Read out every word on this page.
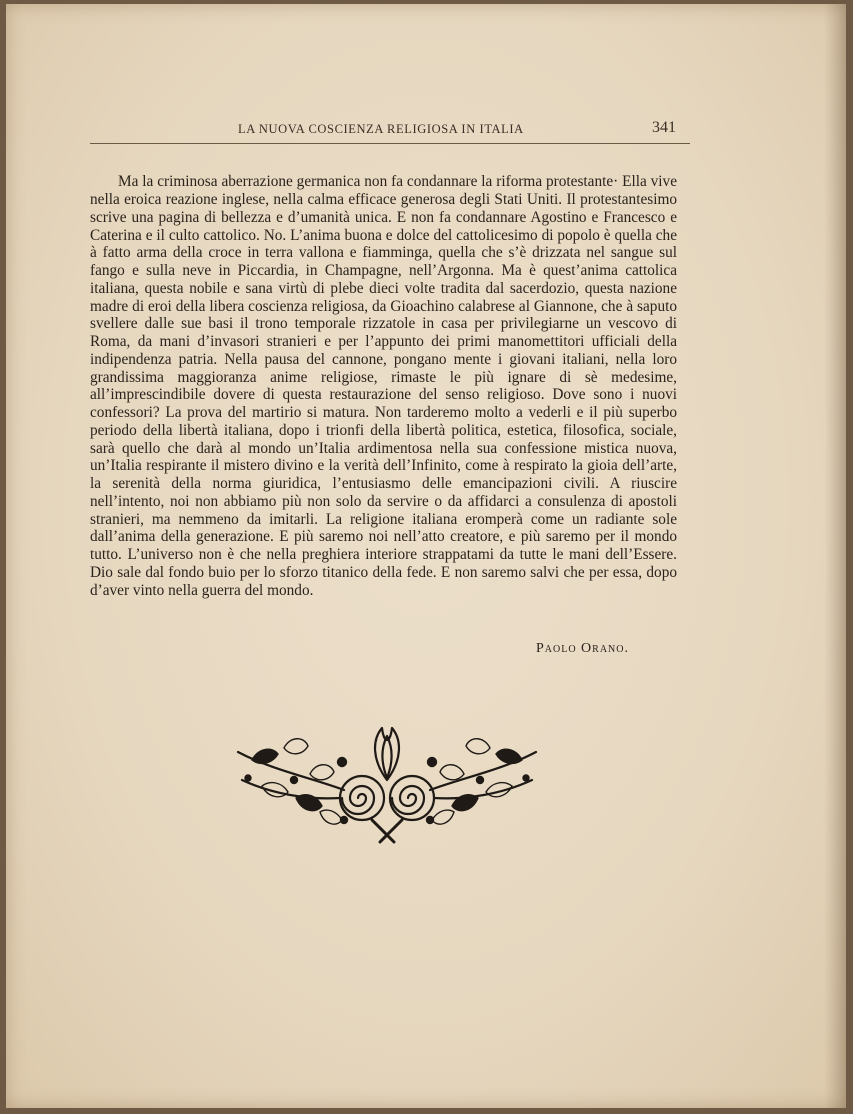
LA NUOVA COSCIENZA RELIGIOSA IN ITALIA	341

Ma la criminosa aberrazione germanica non fa condannare la riforma protestante· Ella vive nella eroica reazione inglese, nella calma efficace generosa degli Stati Uniti. Il protestantesimo scrive una pagina di bellezza e d’umanità unica. E non fa condannare Agostino e Francesco e Caterina e il culto cattolico. No. L’anima buona e dolce del cattolicesimo di popolo è quella che à fatto arma della croce in terra vallona e fiamminga, quella che s’è drizzata nel sangue sul fango e sulla neve in Piccardia, in Champagne, nell’Argonna. Ma è quest’anima cattolica italiana, questa nobile e sana virtù di plebe dieci volte tradita dal sacerdozio, questa nazione madre di eroi della libera coscienza religiosa, da Gioachino calabrese al Giannone, che à saputo svellere dalle sue basi il trono temporale rizzatole in casa per privilegiarne un vescovo di Roma, da mani d’invasori stranieri e per l’appunto dei primi manomettitori ufficiali della indipendenza patria. Nella pausa del cannone, pongano mente i giovani italiani, nella loro grandissima maggioranza anime religiose, rimaste le più ignare di sè medesime, all’imprescindibile dovere di questa restaurazione del senso religioso. Dove sono i nuovi confessori? La prova del martirio si matura. Non tarderemo molto a vederli e il più superbo periodo della libertà italiana, dopo i trionfi della libertà politica, estetica, filosofica, sociale, sarà quello che darà al mondo un’Italia ardimentosa nella sua confessione mistica nuova, un’Italia respirante il mistero divino e la verità dell’Infinito, come à respirato la gioia dell’arte, la serenità della norma giuridica, l’entusiasmo delle emancipazioni civili. A riuscire nell’intento, noi non abbiamo più non solo da servire o da affidarci a consulenza di apostoli stranieri, ma nemmeno da imitarli. La religione italiana eromperà come un radiante sole dall’anima della generazione. E più saremo noi nell’atto creatore, e più saremo per il mondo tutto. L’universo non è che nella preghiera interiore strappatami da tutte le mani dell’Essere. Dio sale dal fondo buio per lo sforzo titanico della fede. E non saremo salvi che per essa, dopo d’aver vinto nella guerra del mondo.

Paolo Orano.
